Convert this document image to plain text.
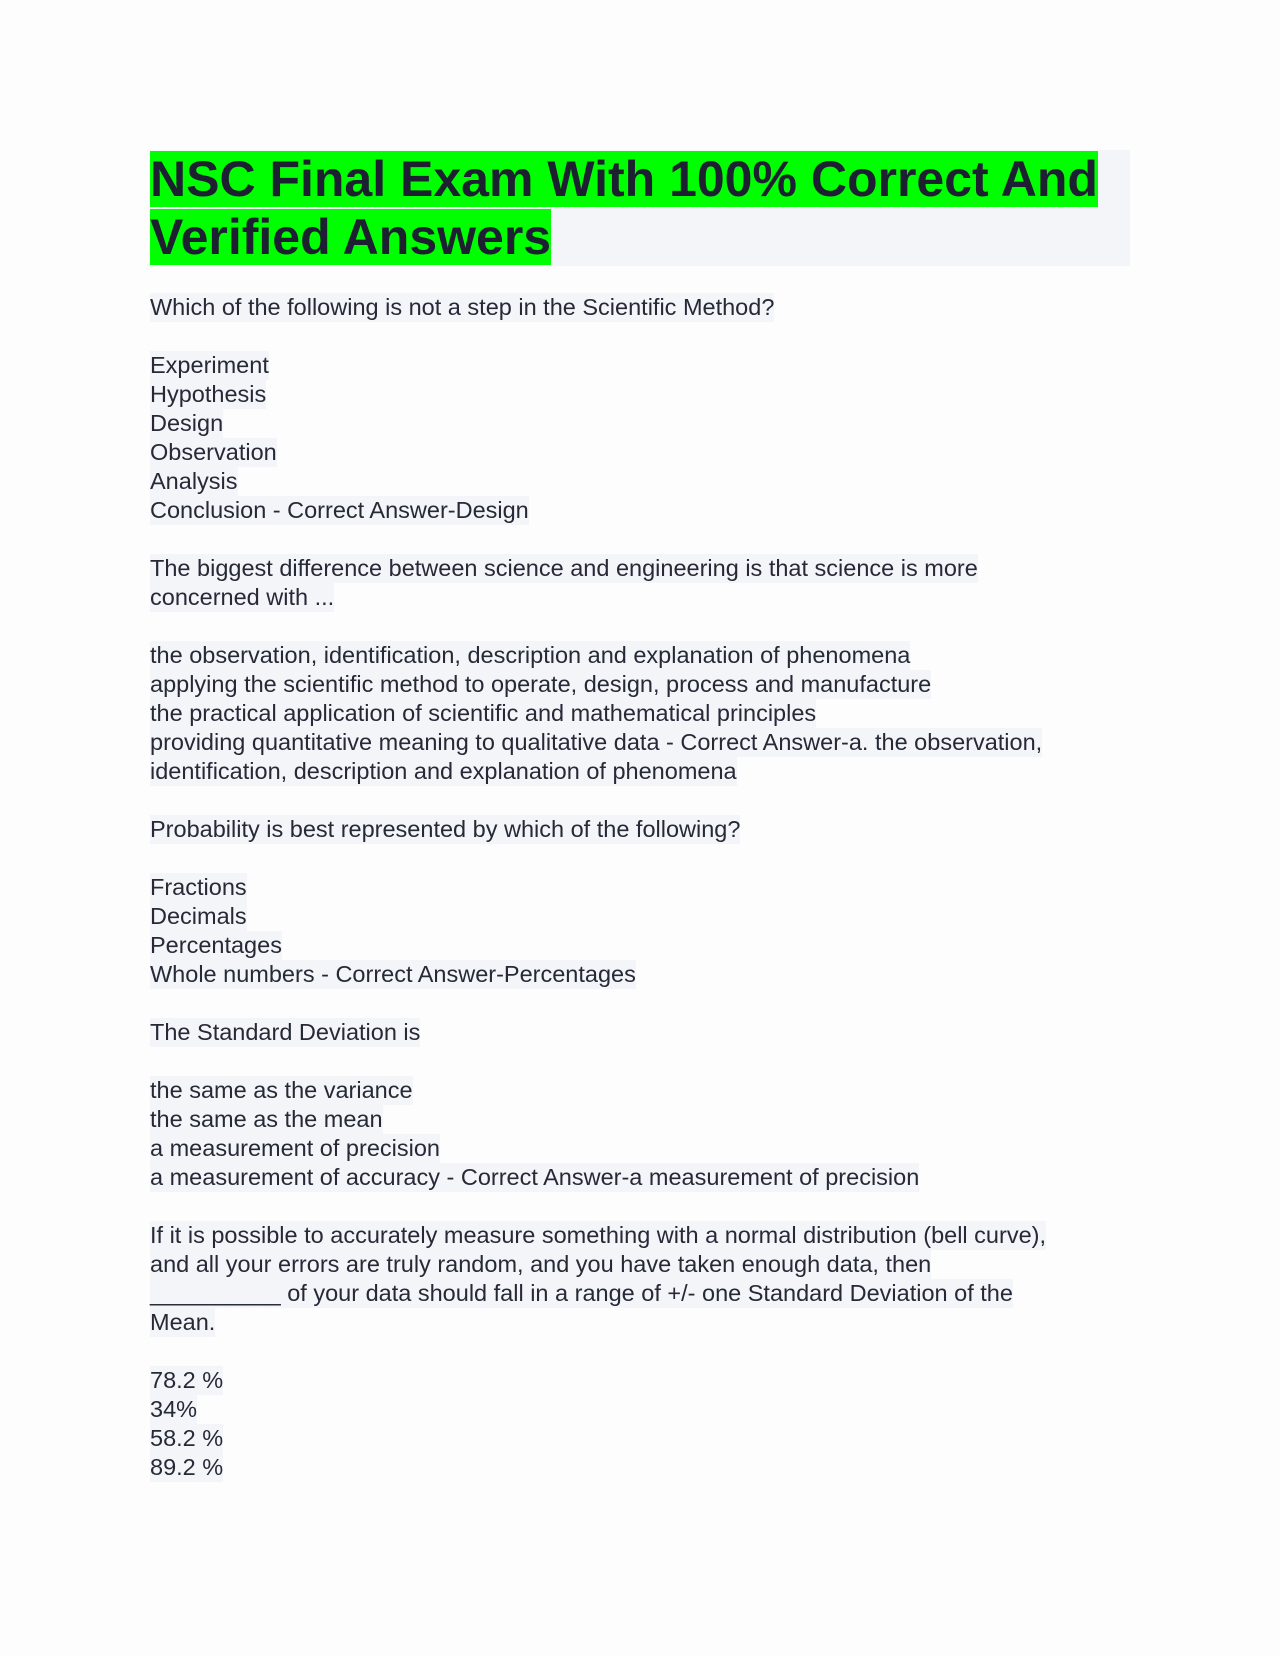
NSC Final Exam With 100% Correct And
Verified Answers
Which of the following is not a step in the Scientific Method?
Experiment
Hypothesis
Design
Observation
Analysis
Conclusion - Correct Answer-Design
The biggest difference between science and engineering is that science is more
concerned with ...
the observation, identification, description and explanation of phenomena
applying the scientific method to operate, design, process and manufacture
the practical application of scientific and mathematical principles
providing quantitative meaning to qualitative data - Correct Answer-a. the observation,
identification, description and explanation of phenomena
Probability is best represented by which of the following?
Fractions
Decimals
Percentages
Whole numbers - Correct Answer-Percentages
The Standard Deviation is
the same as the variance
the same as the mean
a measurement of precision
a measurement of accuracy - Correct Answer-a measurement of precision
If it is possible to accurately measure something with a normal distribution (bell curve),
and all your errors are truly random, and you have taken enough data, then
__________ of your data should fall in a range of +/- one Standard Deviation of the
Mean.
78.2 %
34%
58.2 %
89.2 %
